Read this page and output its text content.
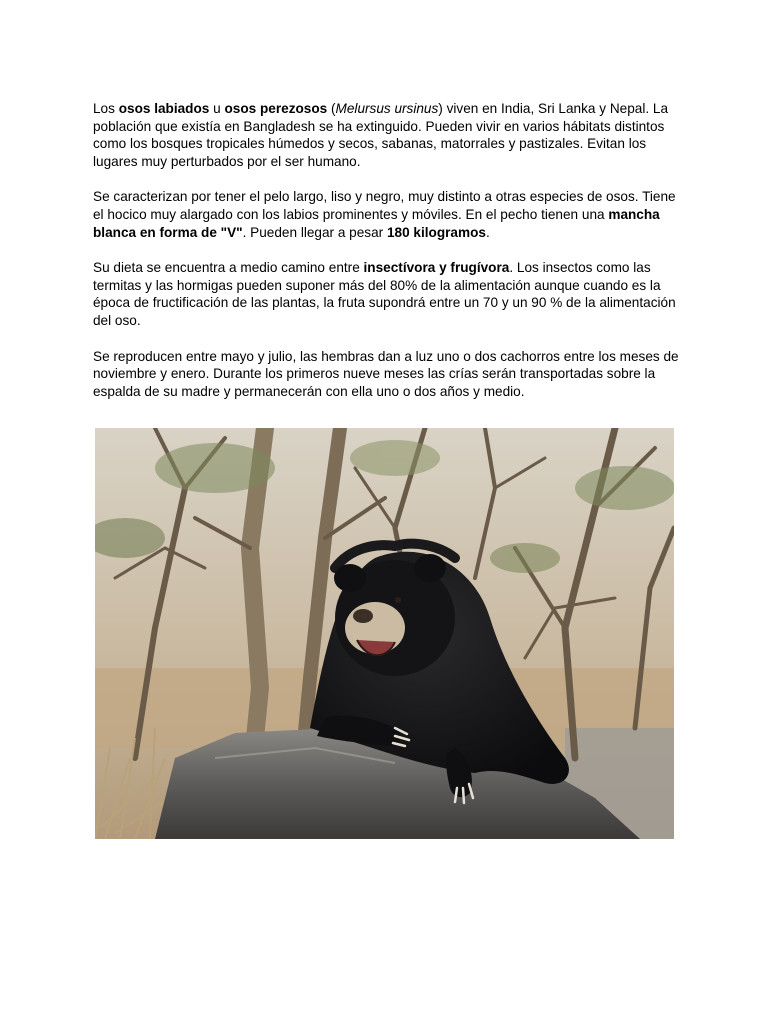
Los osos labiados u osos perezosos (Melursus ursinus) viven en India, Sri Lanka y Nepal. La población que existía en Bangladesh se ha extinguido. Pueden vivir en varios hábitats distintos como los bosques tropicales húmedos y secos, sabanas, matorrales y pastizales. Evitan los lugares muy perturbados por el ser humano.

Se caracterizan por tener el pelo largo, liso y negro, muy distinto a otras especies de osos. Tiene el hocico muy alargado con los labios prominentes y móviles. En el pecho tienen una mancha blanca en forma de "V". Pueden llegar a pesar 180 kilogramos.

Su dieta se encuentra a medio camino entre insectívora y frugívora. Los insectos como las termitas y las hormigas pueden suponer más del 80% de la alimentación aunque cuando es la época de fructificación de las plantas, la fruta supondrá entre un 70 y un 90 % de la alimentación del oso.

Se reproducen entre mayo y julio, las hembras dan a luz uno o dos cachorros entre los meses de noviembre y enero. Durante los primeros nueve meses las crías serán transportadas sobre la espalda de su madre y permanecerán con ella uno o dos años y medio.
